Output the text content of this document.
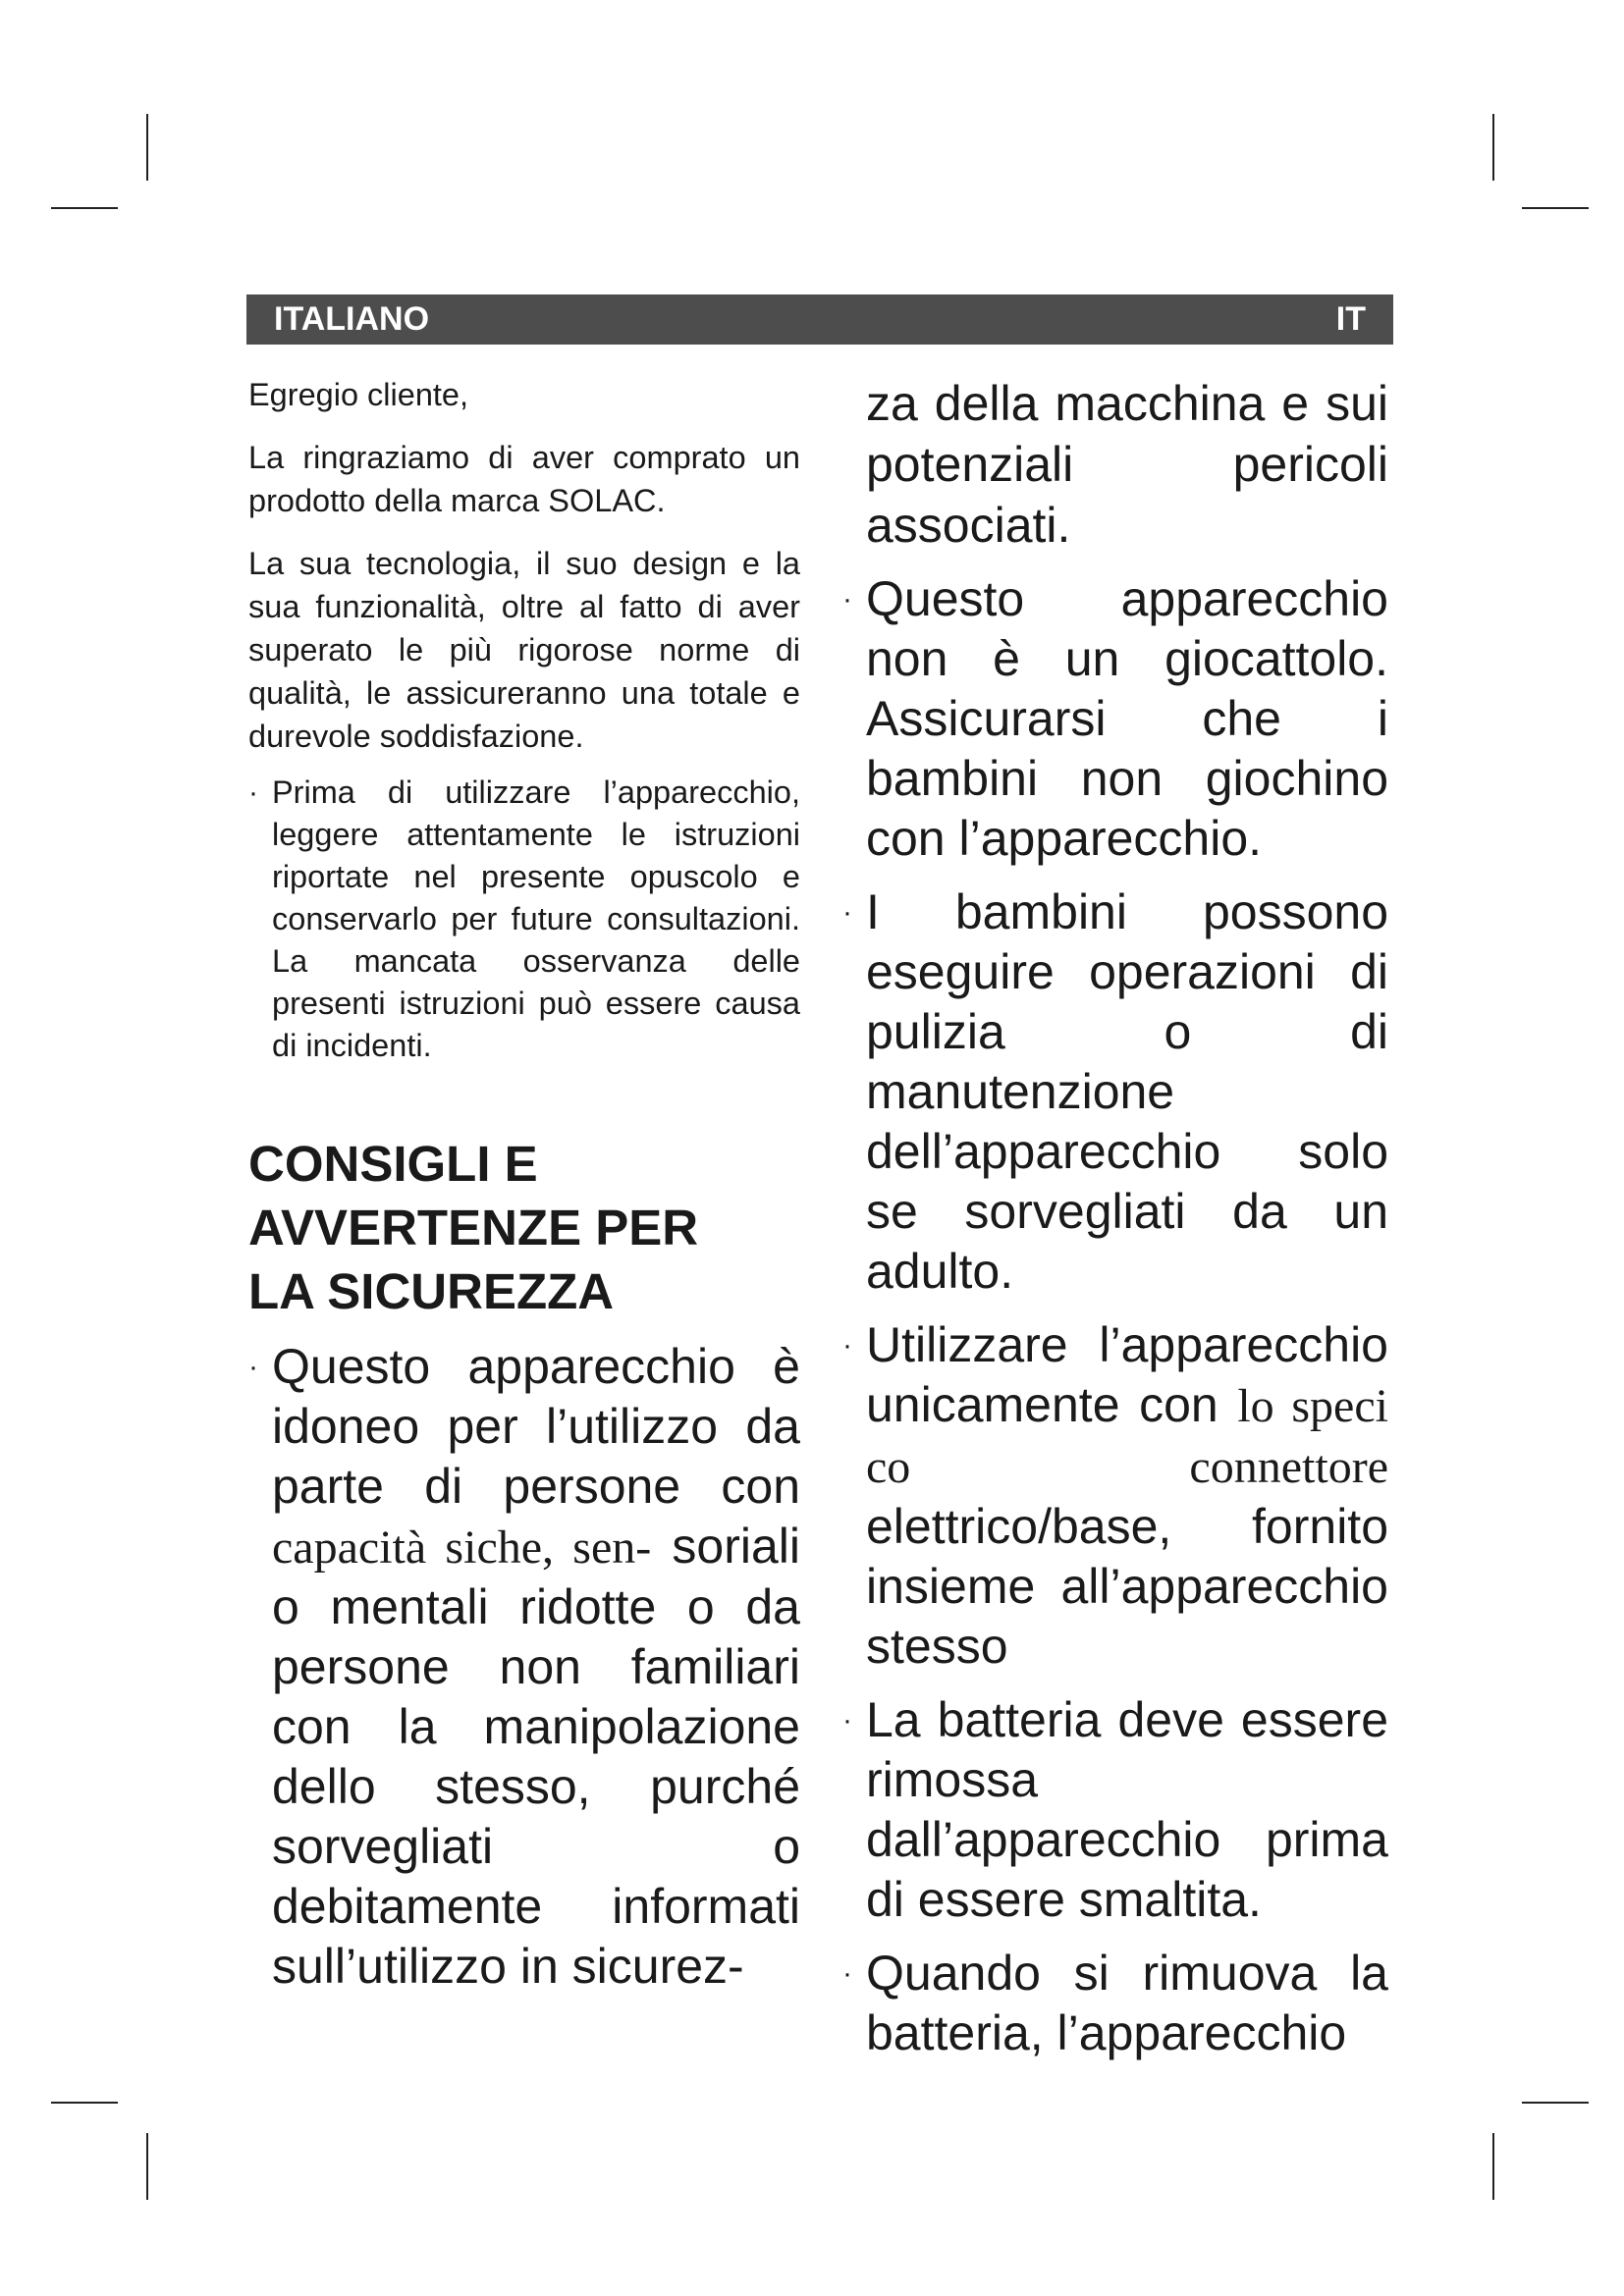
ITALIANO	IT

Egregio cliente,

La ringraziamo di aver comprato un prodotto della marca SOLAC.

La sua tecnologia, il suo design e la sua funzionalità, oltre al fatto di aver superato le più rigorose norme di qualità, le assicureranno una totale e durevole soddisfazione.

· Prima di utilizzare l’apparecchio, leggere attentamente le istruzioni riportate nel presente opuscolo e conservarlo per future consultazioni. La mancata osservanza delle presenti istruzioni può essere causa di incidenti.
CONSIGLI E
AVVERTENZE PER
LA SICUREZZA
· Questo apparecchio è idoneo per l’utilizzo da parte di persone con capacità siche, sen- soriali o mentali ridotte o da persone non familiari con la manipolazione dello stesso, purché sorvegliati o debitamente informati sull’utilizzo in sicurez-
za della macchina e sui potenziali pericoli associati.
· Questo apparecchio non è un giocattolo. Assicurarsi che i bambini non giochino con l’apparecchio.
· I bambini possono eseguire operazioni di pulizia o di manutenzione dell’apparecchio solo se sorvegliati da un adulto.
· Utilizzare l’apparecchio unicamente con lo speci co connettore elettrico/base, fornito insieme all’apparecchio stesso
· La batteria deve essere rimossa dall’apparecchio prima di essere smaltita.
· Quando si rimuova la batteria, l’apparecchio
